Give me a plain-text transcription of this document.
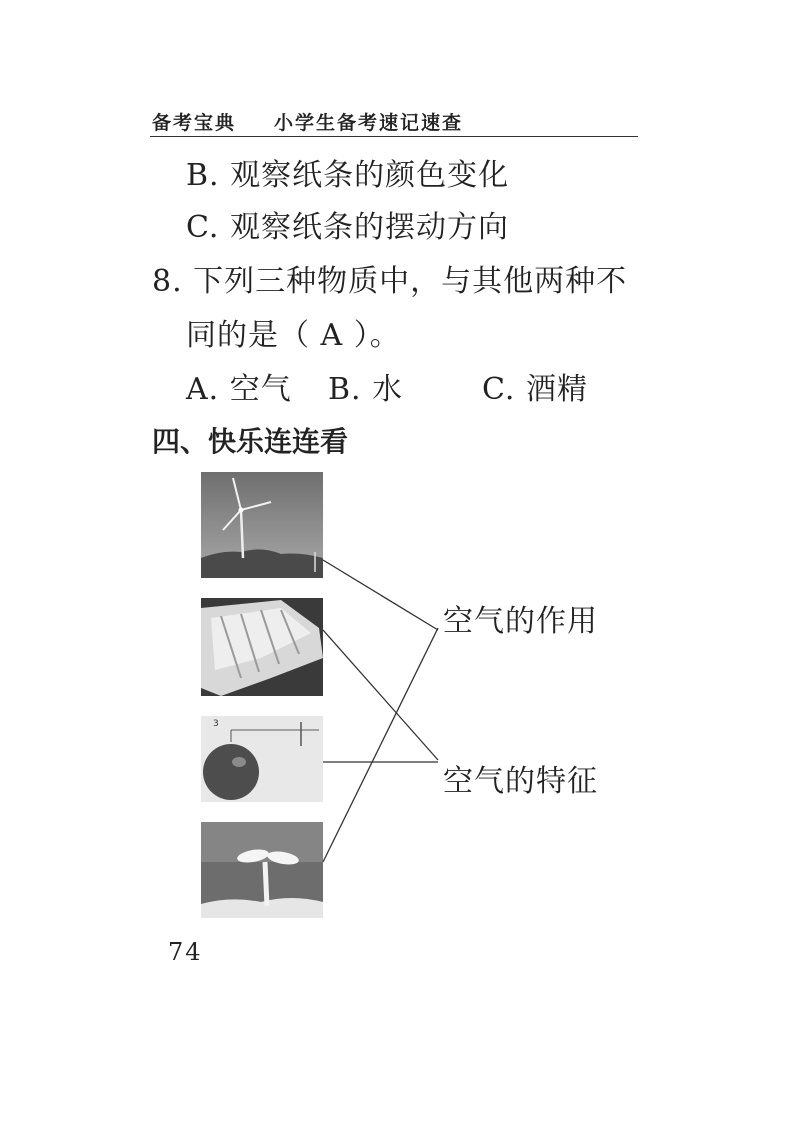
备考宝典 小学生备考速记速查
B. 观察纸条的颜色变化
C. 观察纸条的摆动方向
8. 下列三种物质中，与其他两种不
同的是（ A ）。
A. 空气 B. 水	C. 酒精
四、快乐连连看
3
空气的作用
空气的特征
74
